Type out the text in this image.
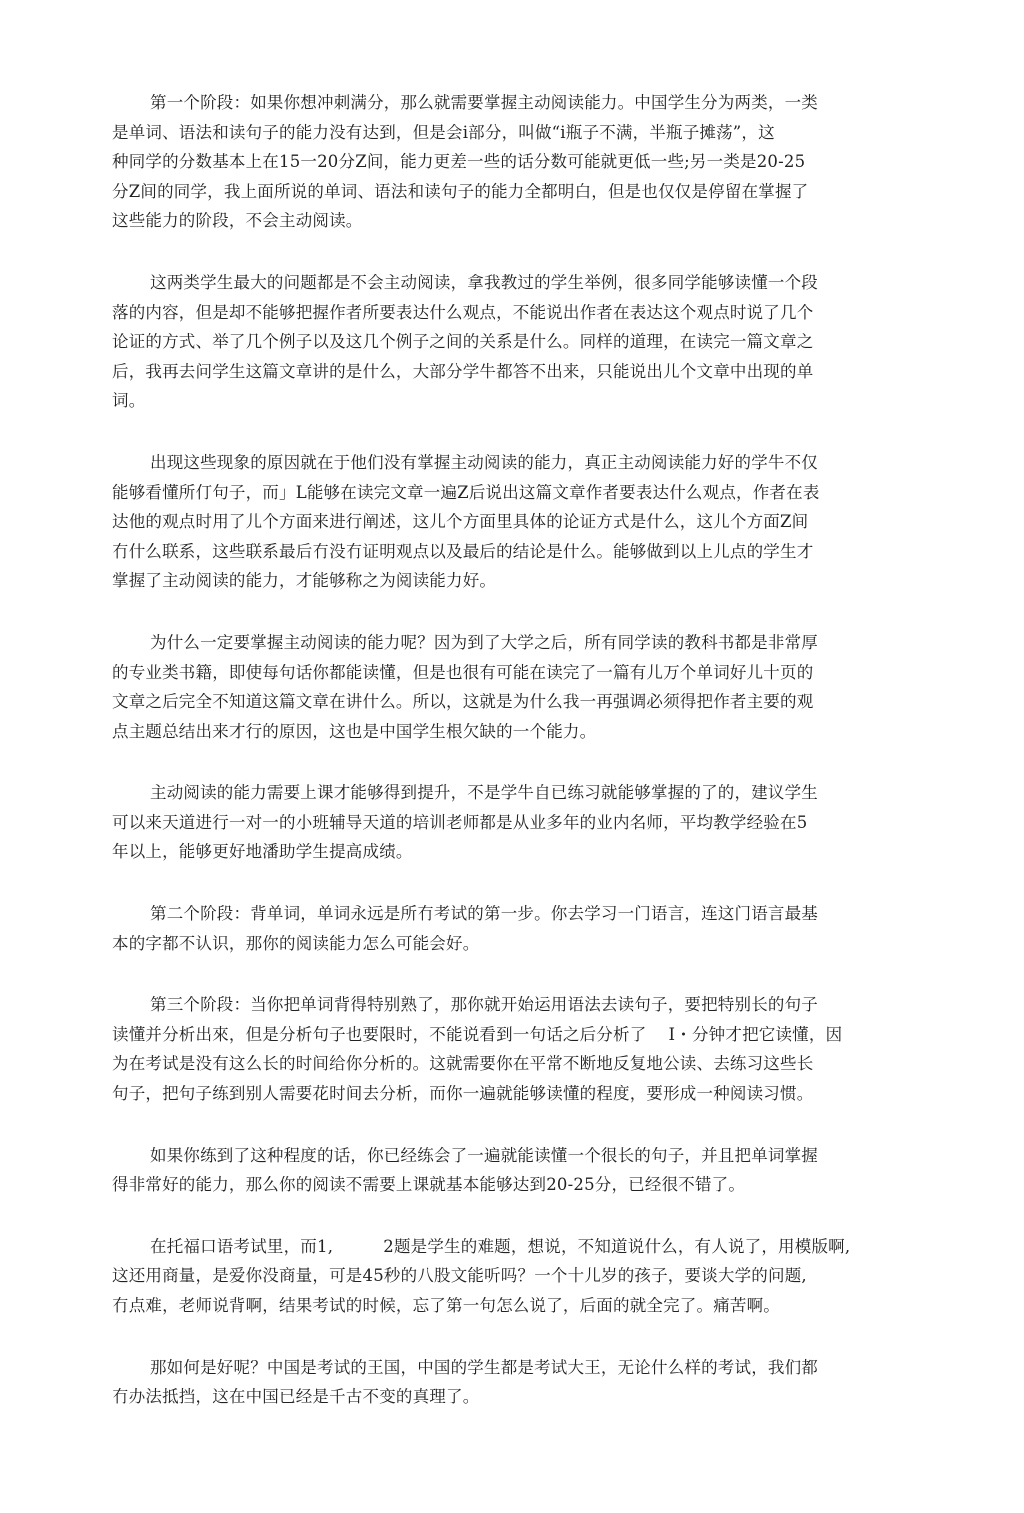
第一个阶段：如果你想冲刺满分，那么就需要掌握主动阅读能力。中国学生分为两类，一类
是单词、语法和读句子的能力没有达到，但是会i部分，叫做“i瓶子不满，半瓶子摊荡”，这
种同学的分数基本上在15一20分Z间，能力更差一些的话分数可能就更低一些;另一类是20-25
分Z间的同学，我上面所说的单词、语法和读句子的能力全都明白，但是也仅仅是停留在掌握了
这些能力的阶段，不会主动阅读。
这两类学生最大的问题都是不会主动阅读，拿我教过的学生举例，很多同学能够读懂一个段
落的内容，但是却不能够把握作者所要表达什么观点，不能说出作者在表达这个观点时说了几个
论证的方式、举了几个例子以及这几个例子之间的关系是什么。同样的道理，在读完一篇文章之
后，我再去问学生这篇文章讲的是什么，大部分学牛都答不出来，只能说出儿个文章中出现的单
词。
出现这些现象的原因就在于他们没有掌握主动阅读的能力，真正主动阅读能力好的学牛不仅
能够看懂所仃句子，而」L能够在读完文章一遍Z后说出这篇文章作者要表达什么观点，作者在表
达他的观点时用了儿个方面来进行阐述，这儿个方面里具体的论证方式是什么，这儿个方面Z间
冇什么联系，这些联系最后冇没冇证明观点以及最后的结论是什么。能够做到以上儿点的学生才
掌握了主动阅读的能力，才能够称之为阅读能力好。
为什么一定要掌握主动阅读的能力呢？因为到了大学之后，所有同学读的教科书都是非常厚
的专业类书籍，即使每句话你都能读懂，但是也很有可能在读完了一篇有儿万个单词好儿十页的
文章之后完全不知道这篇文章在讲什么。所以，这就是为什么我一再强调必须得把作者主要的观
点主题总结出来才行的原因，这也是中国学生根欠缺的一个能力。
主动阅读的能力需要上课才能够得到提升，不是学牛自已练习就能够掌握的了的，建议学生
可以来天道进行一对一的小班辅导天道的培训老师都是从业多年的业内名师，平均教学经验在5
年以上，能够更好地潘助学生提高成绩。
第二个阶段：背单词，单词永远是所冇考试的第一步。你去学习一门语言，连这门语言最基
本的字都不认识，那你的阅读能力怎么可能会好。
第三个阶段：当你把单词背得特别熟了，那你就开始运用语法去读句子，要把特别长的句子
读懂并分析出來，但是分析句子也要限时，不能说看到一句话之后分析了　 I・分钟才把它读懂，因
为在考试是没有这么长的时间给你分析的。这就需要你在平常不断地反复地公读、去练习这些长
句子，把句子练到别人需要花时间去分析，而你一遍就能够读懂的程度，要形成一种阅读习惯。
如果你练到了这种程度的话，你已经练会了一遍就能读懂一个很长的句子，并且把单词掌握
得非常好的能力，那么你的阅读不需要上课就基本能够达到20-25分，已经很不错了。
在托福口语考试里，而1,　　　2题是学生的难题，想说，不知道说什么，有人说了，用模版啊,
这还用商量，是爱你没商量，可是45秒的八股文能听吗？一个十儿岁的孩子，要谈大学的问题,
冇点难，老师说背啊，结果考试的时候，忘了第一句怎么说了，后面的就全完了。痛苦啊。
那如何是好呢？中国是考试的王国，中国的学生都是考试大王，无论什么样的考试，我们都
冇办法抵挡，这在中国已经是千古不变的真理了。
